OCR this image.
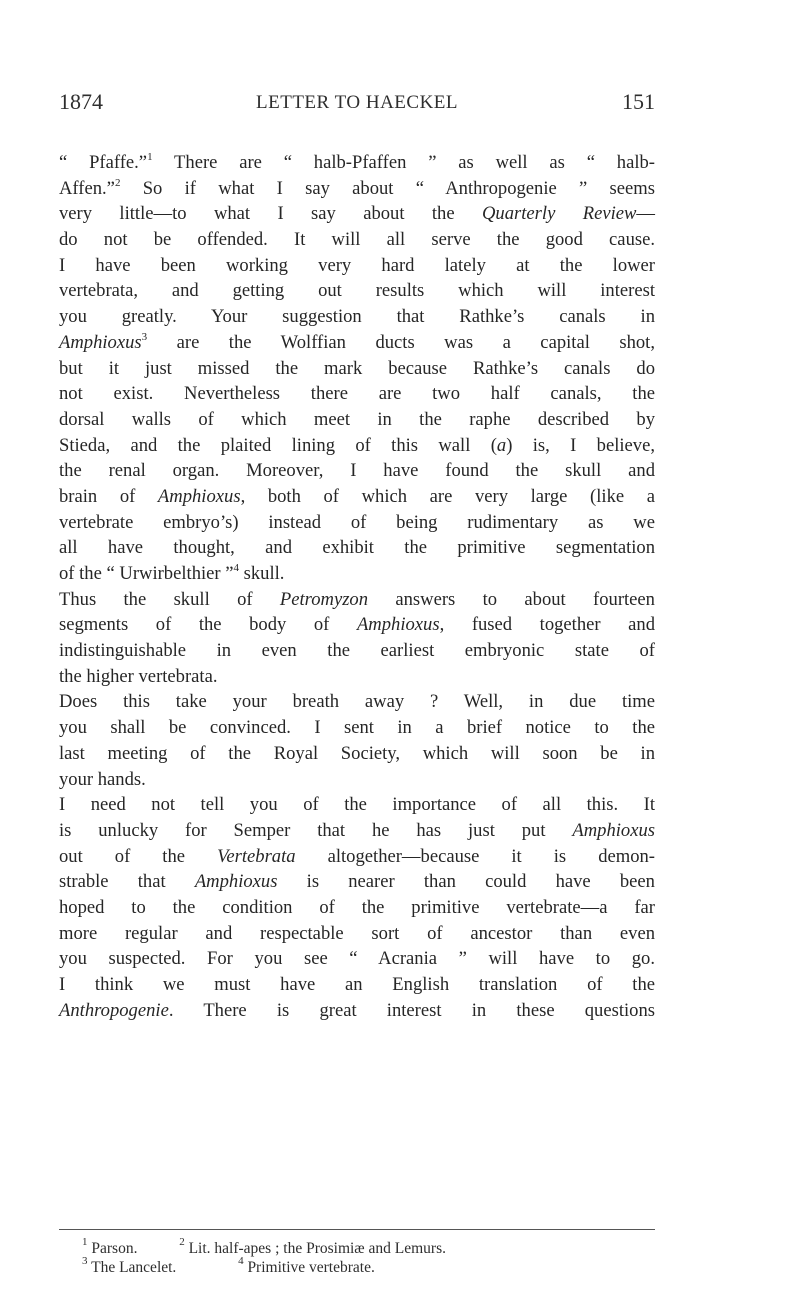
1874	LETTER TO HAECKEL	151
“ Pfaffe.”$^1$ There are “ halb-Pfaffen ” as well as “ halb-
Affen.”$^2$ So if what I say about “ Anthropogenie ” seems
very little—to what I say about the Quarterly Review—
do not be offended. It will all serve the good cause.
I have been working very hard lately at the lower
vertebrata, and getting out results which will interest
you greatly. Your suggestion that Rathke’s canals in
Amphioxus$^3$ are the Wolffian ducts was a capital shot,
but it just missed the mark because Rathke’s canals do
not exist. Nevertheless there are two half canals, the
dorsal walls of which meet in the raphe described by
Stieda, and the plaited lining of this wall (a) is, I believe,
the renal organ. Moreover, I have found the skull and
brain of Amphioxus, both of which are very large (like a
vertebrate embryo’s) instead of being rudimentary as we
all have thought, and exhibit the primitive segmentation
of the “ Urwirbelthier ”$^4$ skull.
Thus the skull of Petromyzon answers to about fourteen
segments of the body of Amphioxus, fused together and
indistinguishable in even the earliest embryonic state of
the higher vertebrata.
Does this take your breath away ? Well, in due time
you shall be convinced. I sent in a brief notice to the
last meeting of the Royal Society, which will soon be in
your hands.
I need not tell you of the importance of all this. It
is unlucky for Semper that he has just put Amphioxus
out of the Vertebrata altogether—because it is demon-
strable that Amphioxus is nearer than could have been
hoped to the condition of the primitive vertebrate—a far
more regular and respectable sort of ancestor than even
you suspected. For you see “ Acrania ” will have to go.
I think we must have an English translation of the
Anthropogenie. There is great interest in these questions
$^1$ Parson.	$^2$ Lit. half-apes ; the Prosimiæ and Lemurs.
$^3$ The Lancelet.	$^4$ Primitive vertebrate.
